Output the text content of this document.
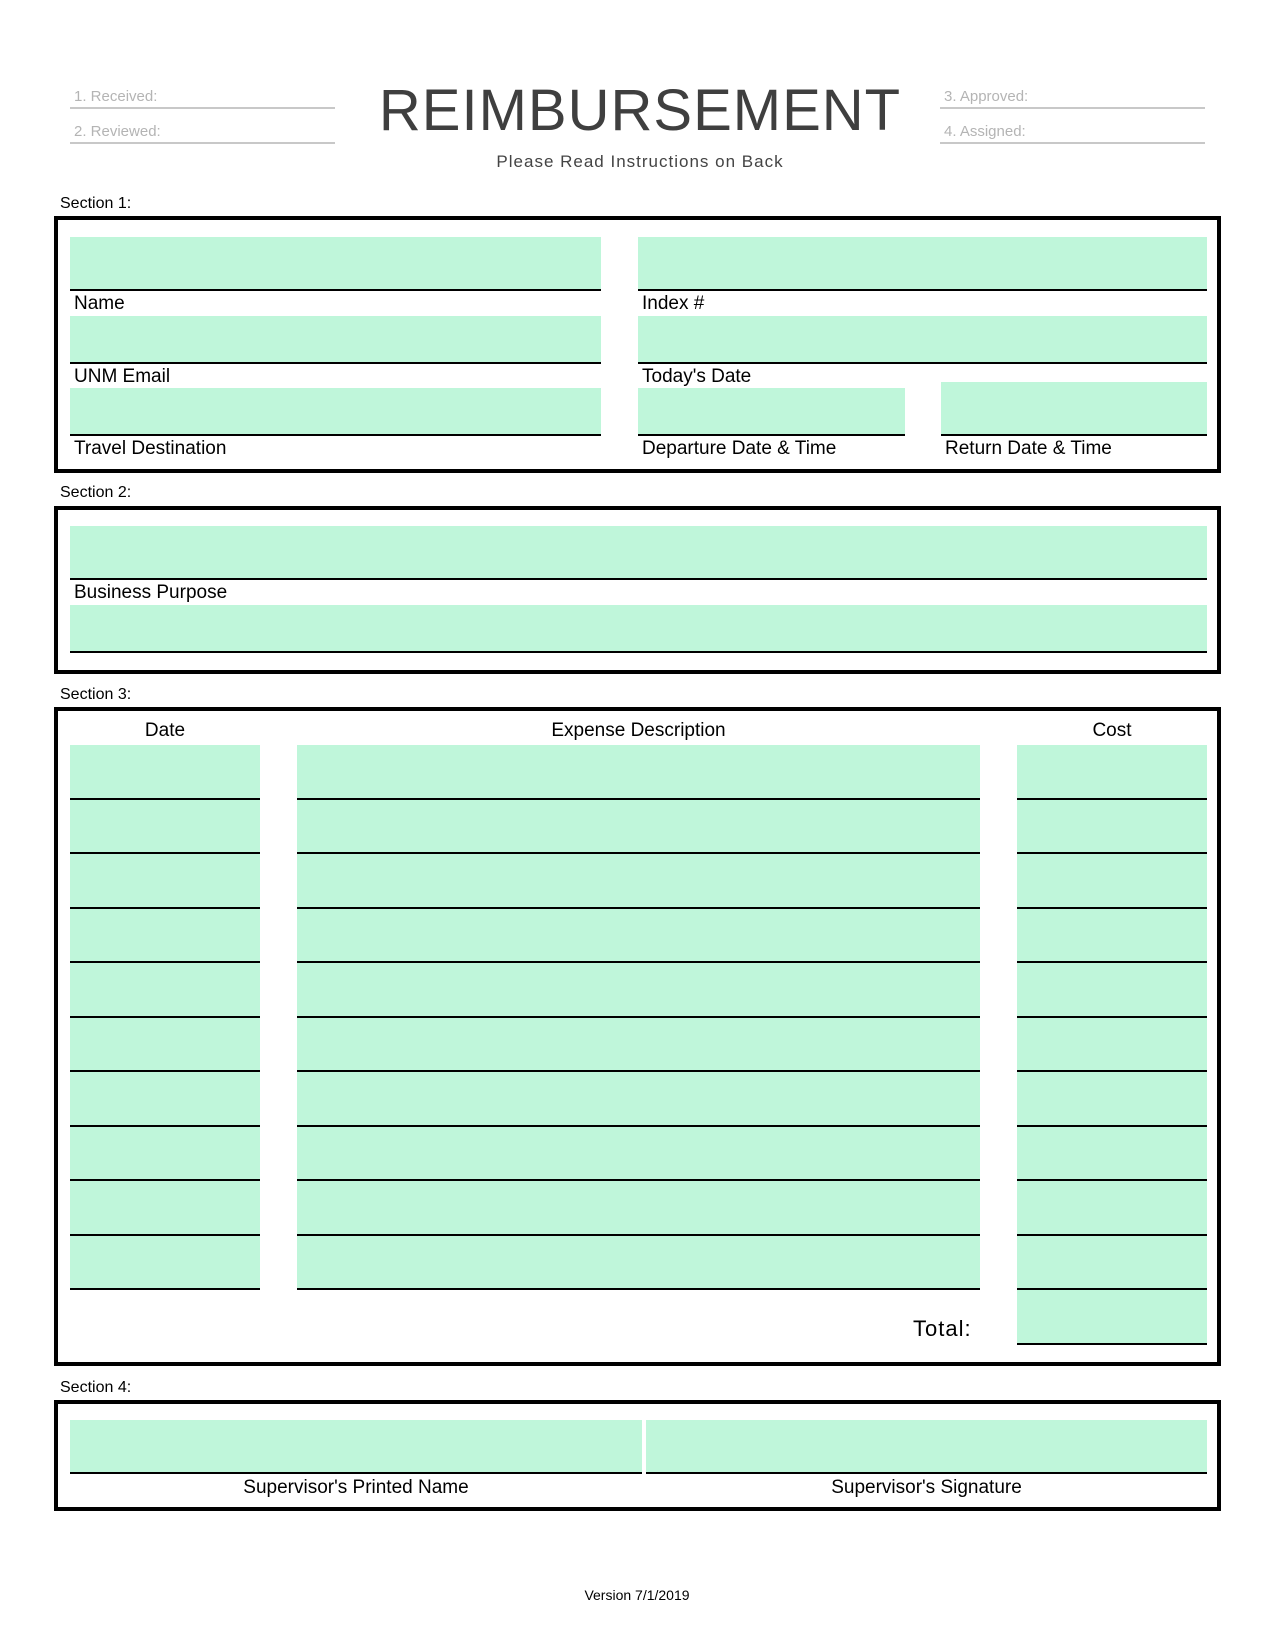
1. Received:
2. Reviewed:
3. Approved:
4. Assigned:
REIMBURSEMENT
Please Read Instructions on Back
Section 1:
Name	Index #
UNM Email	Today's Date
Travel Destination	Departure Date & Time	Return Date & Time
Section 2:
Business Purpose
Section 3:
Date	Expense Description	Cost
Total:
Section 4:
Supervisor's Printed Name	Supervisor's Signature
Version 7/1/2019
